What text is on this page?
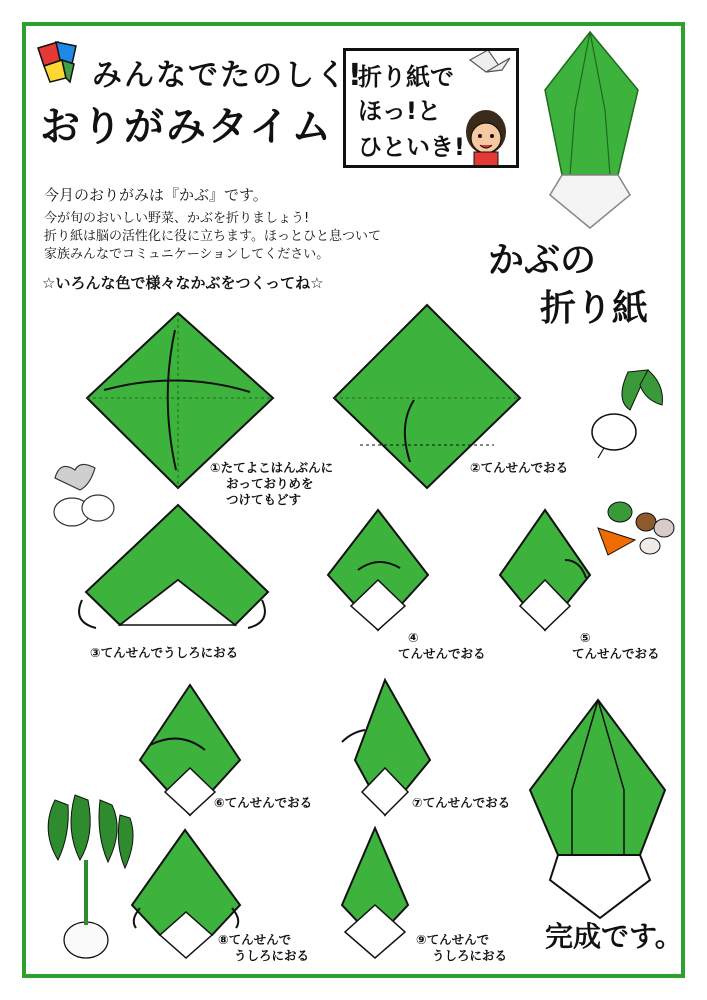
みんなでたのしく!
おりがみタイム
折り紙で
ほっ!と
ひといき!
今月のおりがみは『かぶ』です。
今が旬のおいしい野菜、かぶを折りましょう!
折り紙は脳の活性化に役に立ちます。ほっとひと息ついて
家族みんなでコミュニケーションしてください。
☆いろんな色で様々なかぶをつくってね☆
かぶの
折り紙
①たてよこはんぶんに
おっておりめを
つけてもどす
②てんせんでおる
③てんせんでうしろにおる
④
てんせんでおる
⑤
てんせんでおる
⑥てんせんでおる	⑦てんせんでおる
⑧てんせんで
うしろにおる
⑨てんせんで
うしろにおる
完成です。
